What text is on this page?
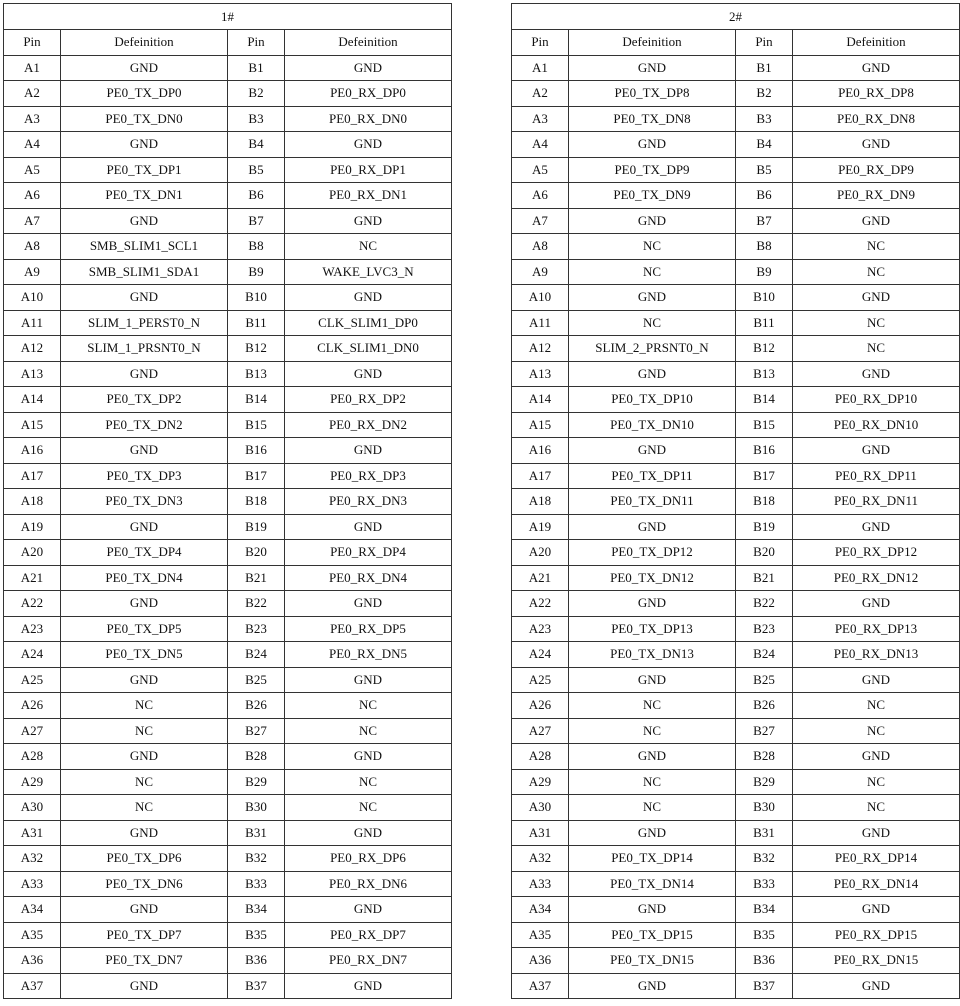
1#			
Pin	Defeinition	Pin	Defeinition
A1	GND	B1	GND
A2	PE0_TX_DP0	B2	PE0_RX_DP0
A3	PE0_TX_DN0	B3	PE0_RX_DN0
A4	GND	B4	GND
A5	PE0_TX_DP1	B5	PE0_RX_DP1
A6	PE0_TX_DN1	B6	PE0_RX_DN1
A7	GND	B7	GND
A8	SMB_SLIM1_SCL1	B8	NC
A9	SMB_SLIM1_SDA1	B9	WAKE_LVC3_N
A10	GND	B10	GND
A11	SLIM_1_PERST0_N	B11	CLK_SLIM1_DP0
A12	SLIM_1_PRSNT0_N	B12	CLK_SLIM1_DN0
A13	GND	B13	GND
A14	PE0_TX_DP2	B14	PE0_RX_DP2
A15	PE0_TX_DN2	B15	PE0_RX_DN2
A16	GND	B16	GND
A17	PE0_TX_DP3	B17	PE0_RX_DP3
A18	PE0_TX_DN3	B18	PE0_RX_DN3
A19	GND	B19	GND
A20	PE0_TX_DP4	B20	PE0_RX_DP4
A21	PE0_TX_DN4	B21	PE0_RX_DN4
A22	GND	B22	GND
A23	PE0_TX_DP5	B23	PE0_RX_DP5
A24	PE0_TX_DN5	B24	PE0_RX_DN5
A25	GND	B25	GND
A26	NC	B26	NC
A27	NC	B27	NC
A28	GND	B28	GND
A29	NC	B29	NC
A30	NC	B30	NC
A31	GND	B31	GND
A32	PE0_TX_DP6	B32	PE0_RX_DP6
A33	PE0_TX_DN6	B33	PE0_RX_DN6
A34	GND	B34	GND
A35	PE0_TX_DP7	B35	PE0_RX_DP7
A36	PE0_TX_DN7	B36	PE0_RX_DN7
A37	GND	B37	GND
2#			
Pin	Defeinition	Pin	Defeinition
A1	GND	B1	GND
A2	PE0_TX_DP8	B2	PE0_RX_DP8
A3	PE0_TX_DN8	B3	PE0_RX_DN8
A4	GND	B4	GND
A5	PE0_TX_DP9	B5	PE0_RX_DP9
A6	PE0_TX_DN9	B6	PE0_RX_DN9
A7	GND	B7	GND
A8	NC	B8	NC
A9	NC	B9	NC
A10	GND	B10	GND
A11	NC	B11	NC
A12	SLIM_2_PRSNT0_N	B12	NC
A13	GND	B13	GND
A14	PE0_TX_DP10	B14	PE0_RX_DP10
A15	PE0_TX_DN10	B15	PE0_RX_DN10
A16	GND	B16	GND
A17	PE0_TX_DP11	B17	PE0_RX_DP11
A18	PE0_TX_DN11	B18	PE0_RX_DN11
A19	GND	B19	GND
A20	PE0_TX_DP12	B20	PE0_RX_DP12
A21	PE0_TX_DN12	B21	PE0_RX_DN12
A22	GND	B22	GND
A23	PE0_TX_DP13	B23	PE0_RX_DP13
A24	PE0_TX_DN13	B24	PE0_RX_DN13
A25	GND	B25	GND
A26	NC	B26	NC
A27	NC	B27	NC
A28	GND	B28	GND
A29	NC	B29	NC
A30	NC	B30	NC
A31	GND	B31	GND
A32	PE0_TX_DP14	B32	PE0_RX_DP14
A33	PE0_TX_DN14	B33	PE0_RX_DN14
A34	GND	B34	GND
A35	PE0_TX_DP15	B35	PE0_RX_DP15
A36	PE0_TX_DN15	B36	PE0_RX_DN15
A37	GND	B37	GND
